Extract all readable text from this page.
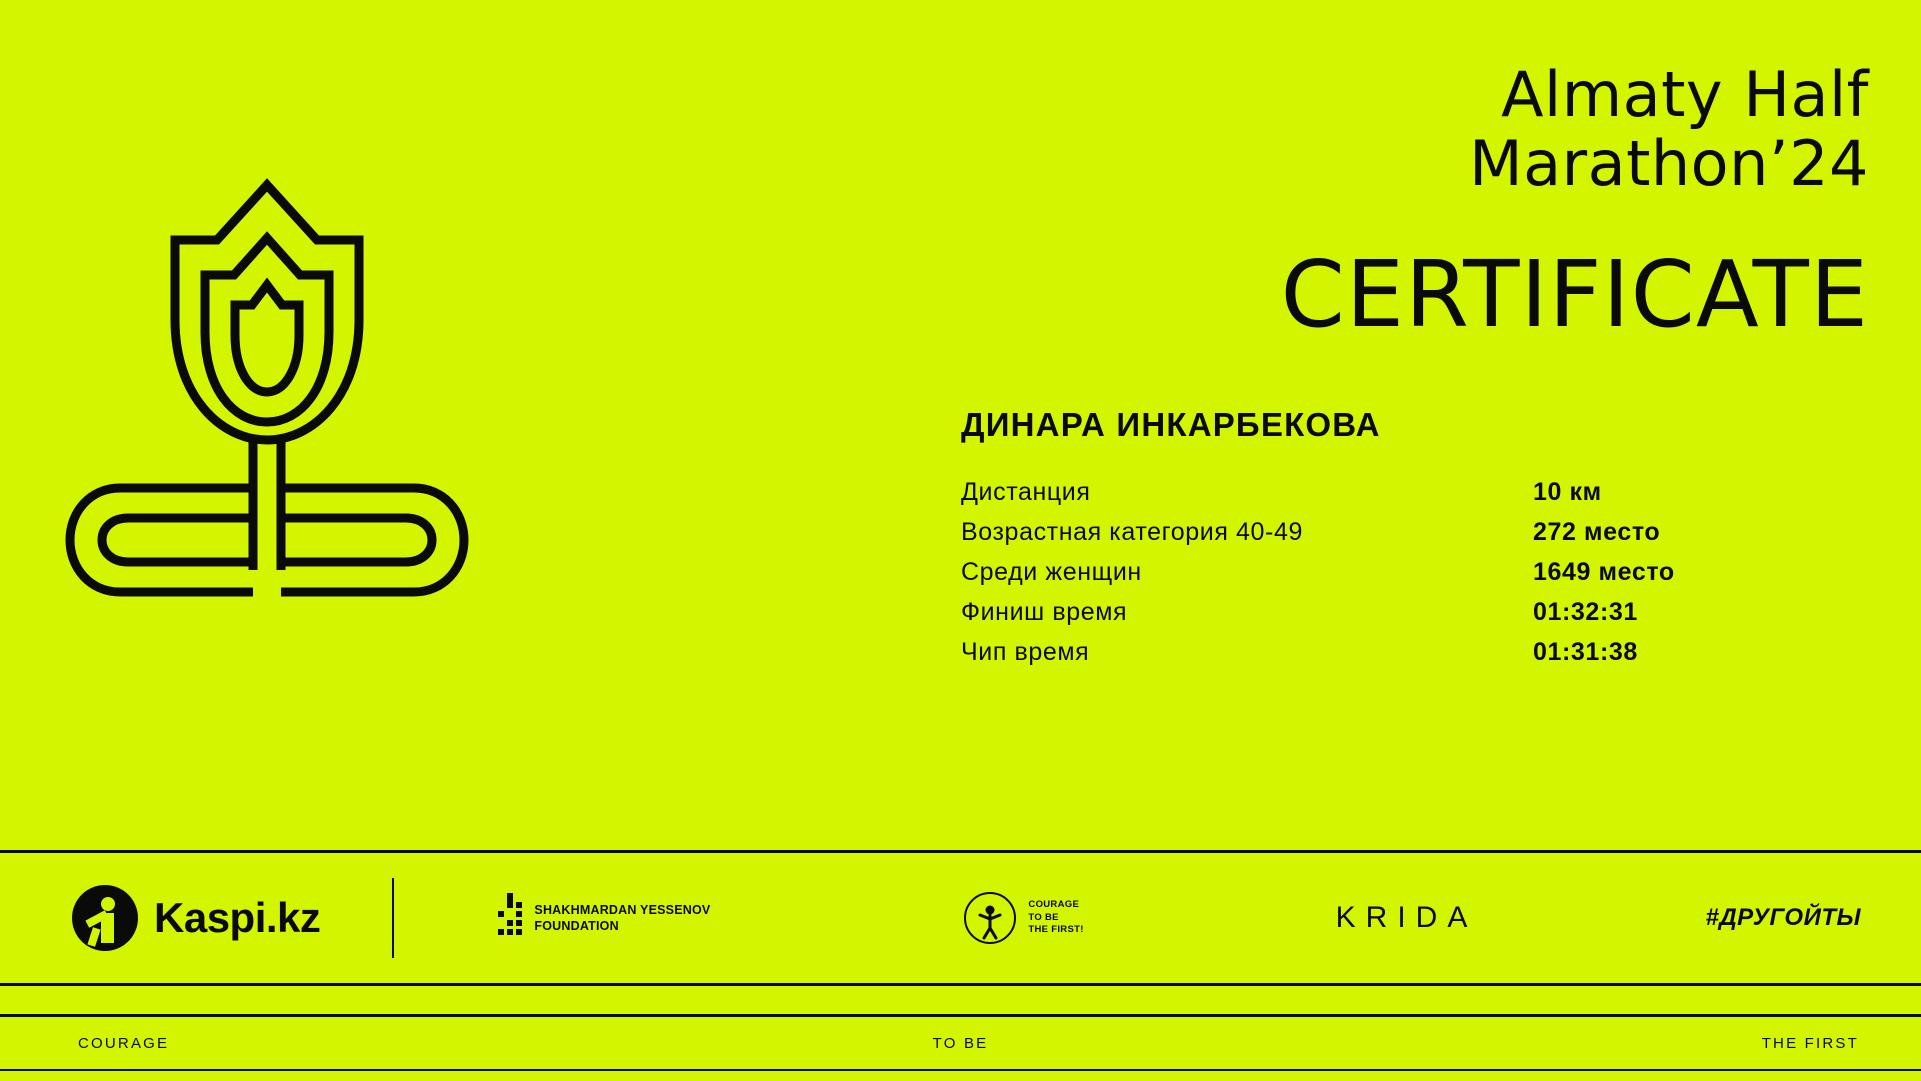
Almaty Half
Marathon’24
CERTIFICATE
ДИНАРА ИНКАРБЕКОВА
Дистанция	10 км
Возрастная категория 40-49	272 место
Среди женщин	1649 место
Финиш время	01:32:31
Чип время	01:31:38
Kaspi.kz	SHAKHMARDAN YESSENOV
FOUNDATION
COURAGE
TO BE
THE FIRST!	KRIDA	#ДРУГОЙТЫ
COURAGE	TO BE	THE FIRST
